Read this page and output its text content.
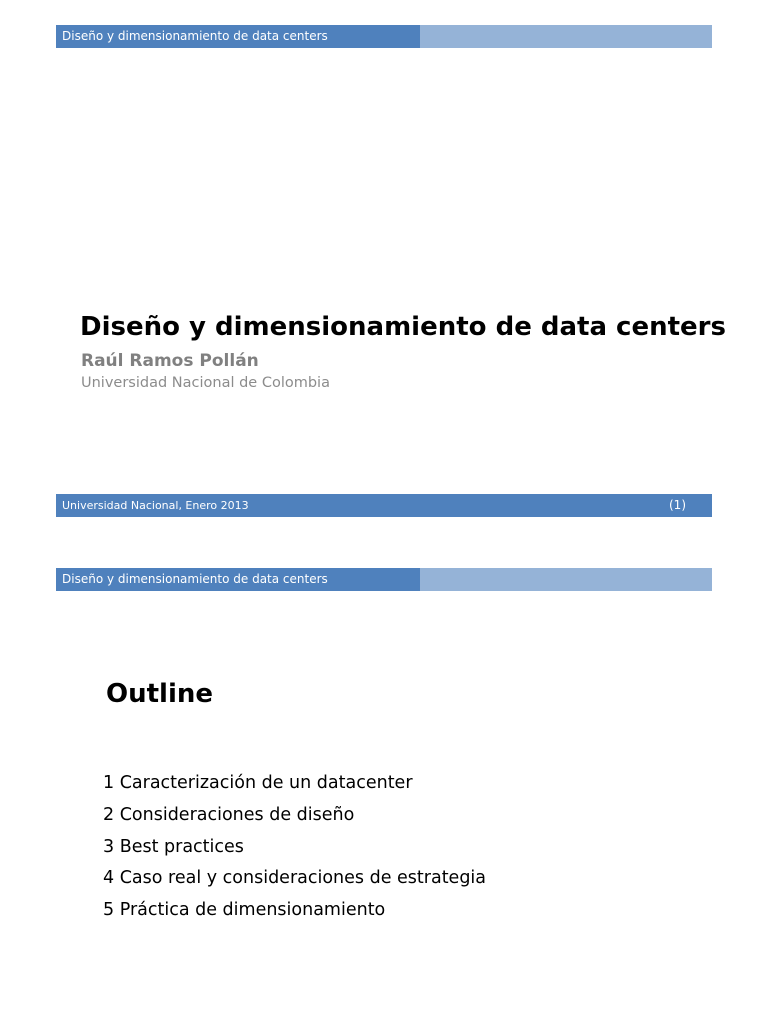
Diseño y dimensionamiento de data centers
Diseño y dimensionamiento de data centers
Raúl Ramos Pollán
Universidad Nacional de Colombia
Universidad Nacional, Enero 2013	(1)
Diseño y dimensionamiento de data centers
Outline
1 Caracterización de un datacenter
2 Consideraciones de diseño
3 Best practices
4 Caso real y consideraciones de estrategia
5 Práctica de dimensionamiento
